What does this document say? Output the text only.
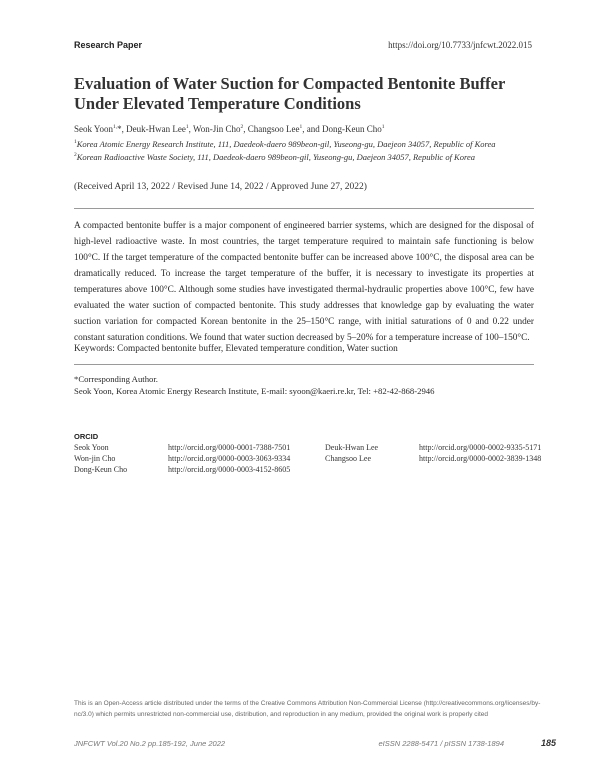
Research Paper	https://doi.org/10.7733/jnfcwt.2022.015
Evaluation of Water Suction for Compacted Bentonite Buffer Under Elevated Temperature Conditions
Seok Yoon$^{1,}$*, Deuk-Hwan Lee$^1$, Won-Jin Cho$^2$, Changsoo Lee$^1$, and Dong-Keun Cho$^1$
$^1$Korea Atomic Energy Research Institute, 111, Daedeok-daero 989beon-gil, Yuseong-gu, Daejeon 34057, Republic of Korea
$^2$Korean Radioactive Waste Society, 111, Daedeok-daero 989beon-gil, Yuseong-gu, Daejeon 34057, Republic of Korea
(Received April 13, 2022 / Revised June 14, 2022 / Approved June 27, 2022)
A compacted bentonite buffer is a major component of engineered barrier systems, which are designed for the disposal of high-level radioactive waste. In most countries, the target temperature required to maintain safe functioning is below 100°C. If the target temperature of the compacted bentonite buffer can be increased above 100°C, the disposal area can be dramatically reduced. To increase the target temperature of the buffer, it is necessary to investigate its properties at temperatures above 100°C. Although some studies have investigated thermal-hydraulic properties above 100°C, few have evaluated the water suction of compacted bentonite. This study addresses that knowledge gap by evaluating the water suction variation for compacted Korean bentonite in the 25–150°C range, with initial saturations of 0 and 0.22 under constant saturation conditions. We found that water suction decreased by 5–20% for a temperature increase of 100–150°C.
Keywords: Compacted bentonite buffer, Elevated temperature condition, Water suction
*Corresponding Author.
Seok Yoon, Korea Atomic Energy Research Institute, E-mail: syoon@kaeri.re.kr, Tel: +82-42-868-2946
ORCID
Seok Yoon	http://orcid.org/0000-0001-7388-7501	Deuk-Hwan Lee	http://orcid.org/0000-0002-9335-5171
Won-jin Cho	http://orcid.org/0000-0003-3063-9334	Changsoo Lee	http://orcid.org/0000-0002-3839-1348
Dong-Keun Cho	http://orcid.org/0000-0003-4152-8605
This is an Open-Access article distributed under the terms of the Creative Commons Attribution Non-Commercial License (http://creativecommons.org/licenses/by-nc/3.0) which permits unrestricted non-commercial use, distribution, and reproduction in any medium, provided the original work is properly cited
JNFCWT Vol.20 No.2 pp.185-192, June 2022	eISSN 2288-5471 / pISSN 1738-1894	185
